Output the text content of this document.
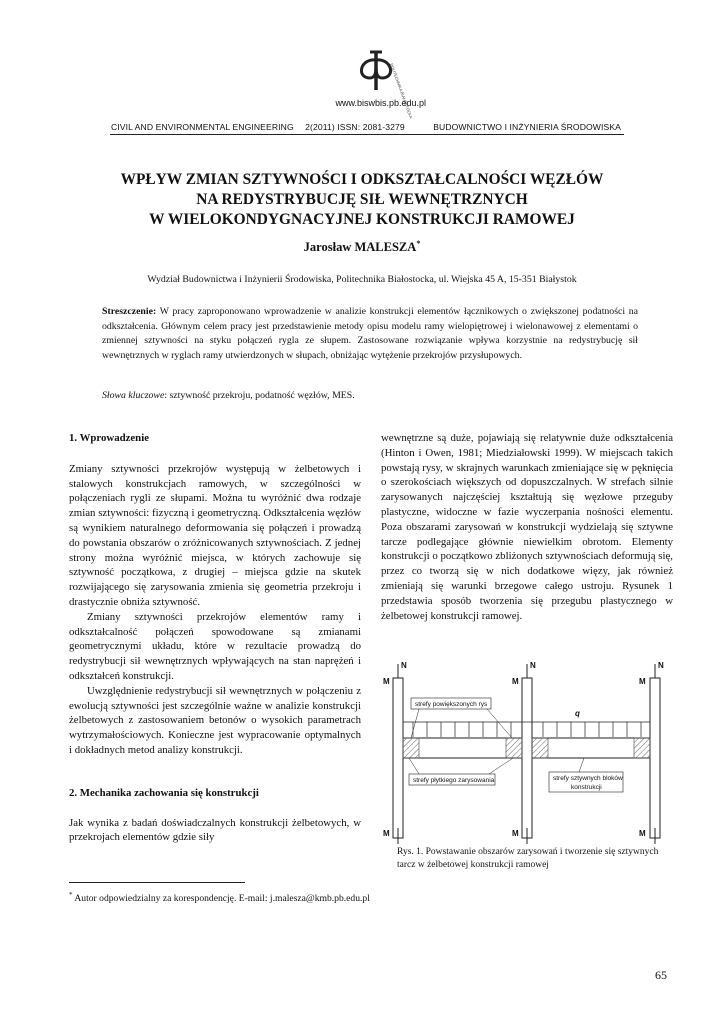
POLITECHNIKA BIAŁOSTOCKA
www.biswbis.pb.edu.pl
CIVIL AND ENVIRONMENTAL ENGINEERING	2(2011) ISSN: 2081-3279	BUDOWNICTWO I INŻYNIERIA ŚRODOWISKA
WPŁYW ZMIAN SZTYWNOŚCI I ODKSZTAŁCALNOŚCI WĘZŁÓW
NA REDYSTRYBUCJĘ SIŁ WEWNĘTRZNYCH
W WIELOKONDYGNACYJNEJ KONSTRUKCJI RAMOWEJ
Jarosław MALESZA*
Wydział Budownictwa i Inżynierii Środowiska, Politechnika Białostocka, ul. Wiejska 45 A, 15-351 Białystok
Streszczenie: W pracy zaproponowano wprowadzenie w analizie konstrukcji elementów łącznikowych o zwiększonej podatności na odkształcenia. Głównym celem pracy jest przedstawienie metody opisu modelu ramy wielopiętrowej i wielonawowej z elementami o zmiennej sztywności na styku połączeń rygla ze słupem. Zastosowane rozwiązanie wpływa korzystnie na redystrybucję sił wewnętrznych w ryglach ramy utwierdzonych w słupach, obniżając wytężenie przekrojów przysłupowych.
Słowa kluczowe: sztywność przekroju, podatność węzłów, MES.
1. Wprowadzenie

Zmiany sztywności przekrojów występują w żelbetowych i stalowych konstrukcjach ramowych, w szczególności w połączeniach rygli ze słupami. Można tu wyróżnić dwa rodzaje zmian sztywności: fizyczną i geometryczną. Odkształcenia węzłów są wynikiem naturalnego deformowania się połączeń i prowadzą do powstania obszarów o zróżnicowanych sztywnościach. Z jednej strony można wyróżnić miejsca, w których zachowuje się sztywność początkowa, z drugiej – miejsca gdzie na skutek rozwijającego się zarysowania zmienia się geometria przekroju i drastycznie obniża sztywność.

Zmiany sztywności przekrojów elementów ramy i odkształcalność połączeń spowodowane są zmianami geometrycznymi układu, które w rezultacie prowadzą do redystrybucji sił wewnętrznych wpływających na stan naprężeń i odkształceń konstrukcji.

Uwzględnienie redystrybucji sił wewnętrznych w połączeniu z ewolucją sztywności jest szczególnie ważne w analizie konstrukcji żelbetowych z zastosowaniem betonów o wysokich parametrach wytrzymałościowych. Konieczne jest wypracowanie optymalnych i dokładnych metod analizy konstrukcji.

2. Mechanika zachowania się konstrukcji

Jak wynika z badań doświadczalnych konstrukcji żelbetowych, w przekrojach elementów gdzie siły

wewnętrzne są duże, pojawiają się relatywnie duże odkształcenia (Hinton i Owen, 1981; Miedziałowski 1999). W miejscach takich powstają rysy, w skrajnych warunkach zmieniające się w pęknięcia o szerokościach większych od dopuszczalnych. W strefach silnie zarysowanych najczęściej kształtują się węzłowe przeguby plastyczne, widoczne w fazie wyczerpania nośności elementu. Poza obszarami zarysowań w konstrukcji wydzielają się sztywne tarcze podlegające głównie niewielkim obrotom. Elementy konstrukcji o początkowo zbliżonych sztywnościach deformują się, przez co tworzą się w nich dodatkowe więzy, jak również zmieniają się warunki brzegowe całego ustroju. Rysunek 1 przedstawia sposób tworzenia się przegubu plastycznego w żelbetowej konstrukcji ramowej.

N	N	N
M	M	M
M	M	M
q
strefy powiększonych rys
strefy płytkiego zarysowania	strefy sztywnych bloków
konstrukcji
Rys. 1. Powstawanie obszarów zarysowań i tworzenie się sztywnych tarcz w żelbetowej konstrukcji ramowej
* Autor odpowiedzialny za korespondencję. E-mail: j.malesza@kmb.pb.edu.pl
65
